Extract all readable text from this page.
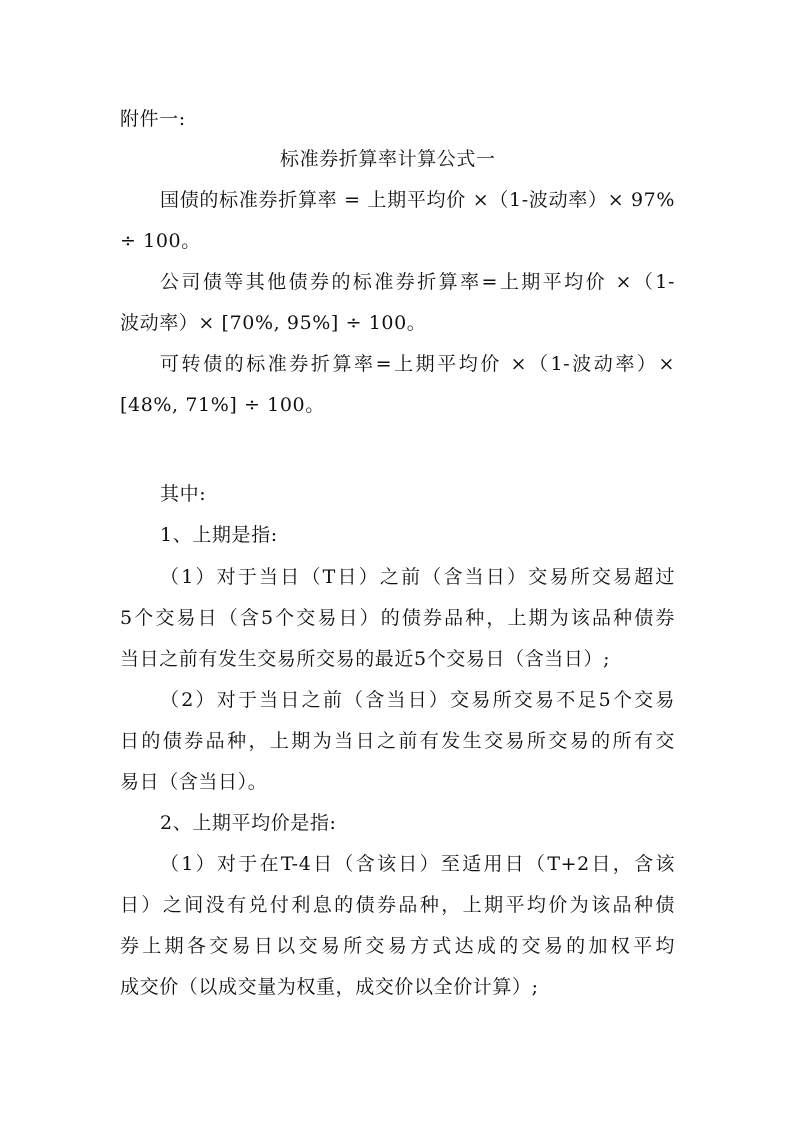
附件一:
标准券折算率计算公式一
国债的标准券折算率 = 上期平均价 ×（1-波动率）× 97%
÷ 100。
公司债等其他债券的标准券折算率=上期平均价 ×（1-
波动率）× [70%, 95%] ÷ 100。
可转债的标准券折算率=上期平均价 ×（1-波动率）×
[48%, 71%] ÷ 100。
其中:
1、上期是指:
（1）对于当日（T日）之前（含当日）交易所交易超过
5个交易日（含5个交易日）的债券品种，上期为该品种债券
当日之前有发生交易所交易的最近5个交易日（含当日）;
（2）对于当日之前（含当日）交易所交易不足5个交易
日的债券品种，上期为当日之前有发生交易所交易的所有交
易日（含当日）。
2、上期平均价是指:
（1）对于在T-4日（含该日）至适用日（T+2日，含该
日）之间没有兑付利息的债券品种，上期平均价为该品种债
券上期各交易日以交易所交易方式达成的交易的加权平均
成交价（以成交量为权重，成交价以全价计算）;
